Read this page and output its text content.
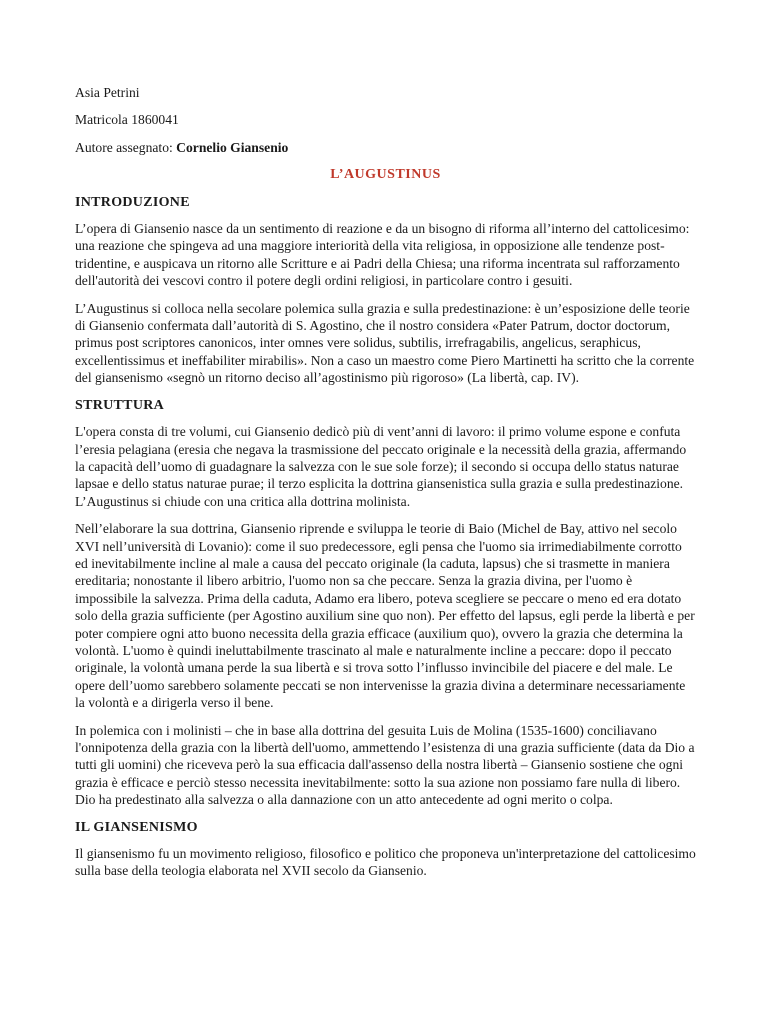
Asia Petrini
Matricola 1860041
Autore assegnato: Cornelio Giansenio
L’AUGUSTINUS
INTRODUZIONE

L’opera di Giansenio nasce da un sentimento di reazione e da un bisogno di riforma all’interno del cattolicesimo: una reazione che spingeva ad una maggiore interiorità della vita religiosa, in opposizione alle tendenze post-tridentine, e auspicava un ritorno alle Scritture e ai Padri della Chiesa; una riforma incentrata sul rafforzamento dell'autorità dei vescovi contro il potere degli ordini religiosi, in particolare contro i gesuiti.

L’Augustinus si colloca nella secolare polemica sulla grazia e sulla predestinazione: è un’esposizione delle teorie di Giansenio confermata dall’autorità di S. Agostino, che il nostro considera «Pater Patrum, doctor doctorum, primus post scriptores canonicos, inter omnes vere solidus, subtilis, irrefragabilis, angelicus, seraphicus, excellentissimus et ineffabiliter mirabilis». Non a caso un maestro come Piero Martinetti ha scritto che la corrente del giansenismo «segnò un ritorno deciso all’agostinismo più rigoroso» (La libertà, cap. IV).

STRUTTURA

L'opera consta di tre volumi, cui Giansenio dedicò più di vent’anni di lavoro: il primo volume espone e confuta l’eresia pelagiana (eresia che negava la trasmissione del peccato originale e la necessità della grazia, affermando la capacità dell’uomo di guadagnare la salvezza con le sue sole forze); il secondo si occupa dello status naturae lapsae e dello status naturae purae; il terzo esplicita la dottrina giansenistica sulla grazia e sulla predestinazione. L’Augustinus si chiude con una critica alla dottrina molinista.

Nell’elaborare la sua dottrina, Giansenio riprende e sviluppa le teorie di Baio (Michel de Bay, attivo nel secolo XVI nell’università di Lovanio): come il suo predecessore, egli pensa che l'uomo sia irrimediabilmente corrotto ed inevitabilmente incline al male a causa del peccato originale (la caduta, lapsus) che si trasmette in maniera ereditaria; nonostante il libero arbitrio, l'uomo non sa che peccare. Senza la grazia divina, per l'uomo è impossibile la salvezza. Prima della caduta, Adamo era libero, poteva scegliere se peccare o meno ed era dotato solo della grazia sufficiente (per Agostino auxilium sine quo non). Per effetto del lapsus, egli perde la libertà e per poter compiere ogni atto buono necessita della grazia efficace (auxilium quo), ovvero la grazia che determina la volontà. L'uomo è quindi ineluttabilmente trascinato al male e naturalmente incline a peccare: dopo il peccato originale, la volontà umana perde la sua libertà e si trova sotto l’influsso invincibile del piacere e del male. Le opere dell’uomo sarebbero solamente peccati se non intervenisse la grazia divina a determinare necessariamente la volontà e a dirigerla verso il bene.

In polemica con i molinisti – che in base alla dottrina del gesuita Luis de Molina (1535-1600) conciliavano l'onnipotenza della grazia con la libertà dell'uomo, ammettendo l’esistenza di una grazia sufficiente (data da Dio a tutti gli uomini) che riceveva però la sua efficacia dall'assenso della nostra libertà – Giansenio sostiene che ogni grazia è efficace e perciò stesso necessita inevitabilmente: sotto la sua azione non possiamo fare nulla di libero. Dio ha predestinato alla salvezza o alla dannazione con un atto antecedente ad ogni merito o colpa.

IL GIANSENISMO

Il giansenismo fu un movimento religioso, filosofico e politico che proponeva un'interpretazione del cattolicesimo sulla base della teologia elaborata nel XVII secolo da Giansenio.
